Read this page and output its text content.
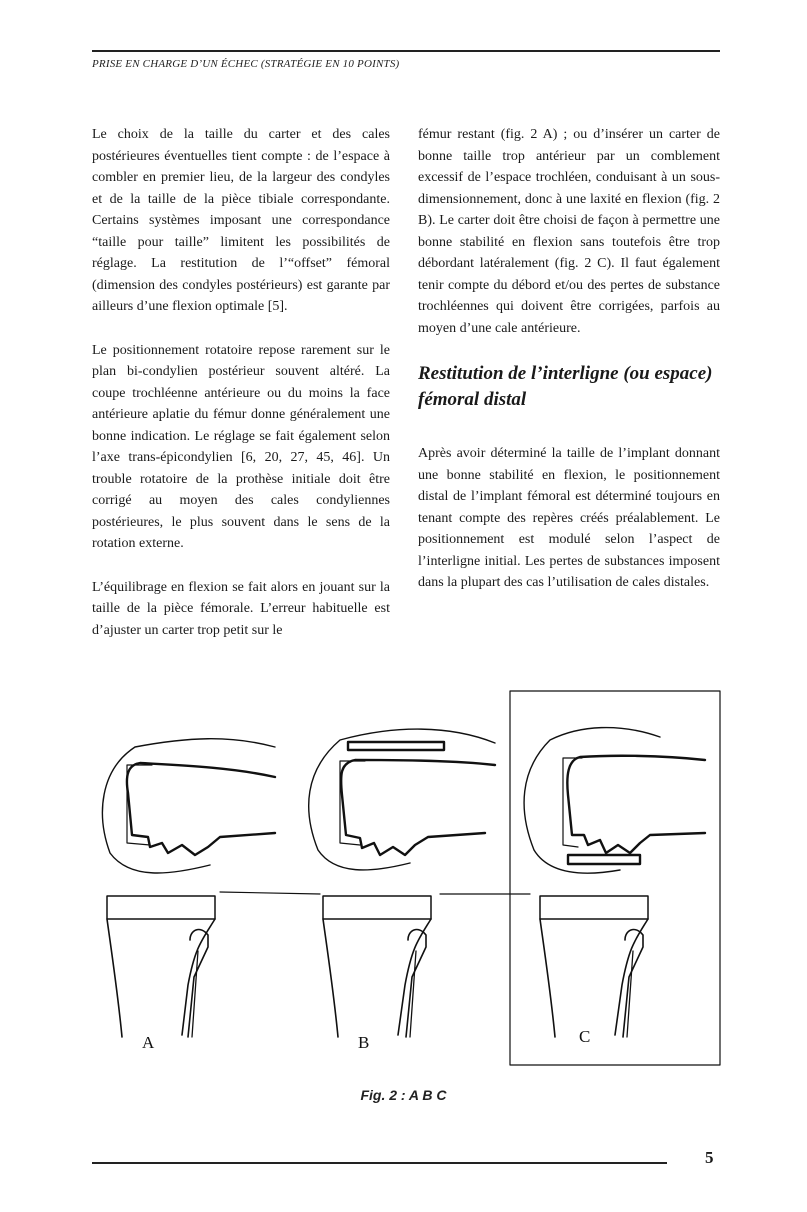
PRISE EN CHARGE D’UN ÉCHEC (STRATÉGIE EN 10 POINTS)

Le choix de la taille du carter et des cales postérieures éventuelles tient compte : de l’espace à combler en premier lieu, de la largeur des condyles et de la taille de la pièce tibiale correspondante. Certains systèmes imposant une correspondance “taille pour taille” limitent les possibilités de réglage. La restitution de l’“offset” fémoral (dimension des condyles postérieurs) est garante par ailleurs d’une flexion optimale [5].

Le positionnement rotatoire repose rarement sur le plan bi-condylien postérieur souvent altéré. La coupe trochléenne antérieure ou du moins la face antérieure aplatie du fémur donne généralement une bonne indication. Le réglage se fait également selon l’axe trans-épicondylien [6, 20, 27, 45, 46]. Un trouble rotatoire de la prothèse initiale doit être corrigé au moyen des cales condyliennes postérieures, le plus souvent dans le sens de la rotation externe.

L’équilibrage en flexion se fait alors en jouant sur la taille de la pièce fémorale. L’erreur habituelle est d’ajuster un carter trop petit sur le

fémur restant (fig. 2 A) ; ou d’insérer un carter de bonne taille trop antérieur par un comblement excessif de l’espace trochléen, conduisant à un sous-dimensionnement, donc à une laxité en flexion (fig. 2 B). Le carter doit être choisi de façon à permettre une bonne stabilité en flexion sans toutefois être trop débordant latéralement (fig. 2 C). Il faut également tenir compte du débord et/ou des pertes de substance trochléennes qui doivent être corrigées, parfois au moyen d’une cale antérieure.

Restitution de l’interligne (ou espace) fémoral distal

Après avoir déterminé la taille de l’implant donnant une bonne stabilité en flexion, le positionnement distal de l’implant fémoral est déterminé toujours en tenant compte des repères créés préalablement. Le positionnement est modulé selon l’aspect de l’interligne initial. Les pertes de substances imposent dans la plupart des cas l’utilisation de cales distales.

A	B	C
Fig. 2 : A B C
5
